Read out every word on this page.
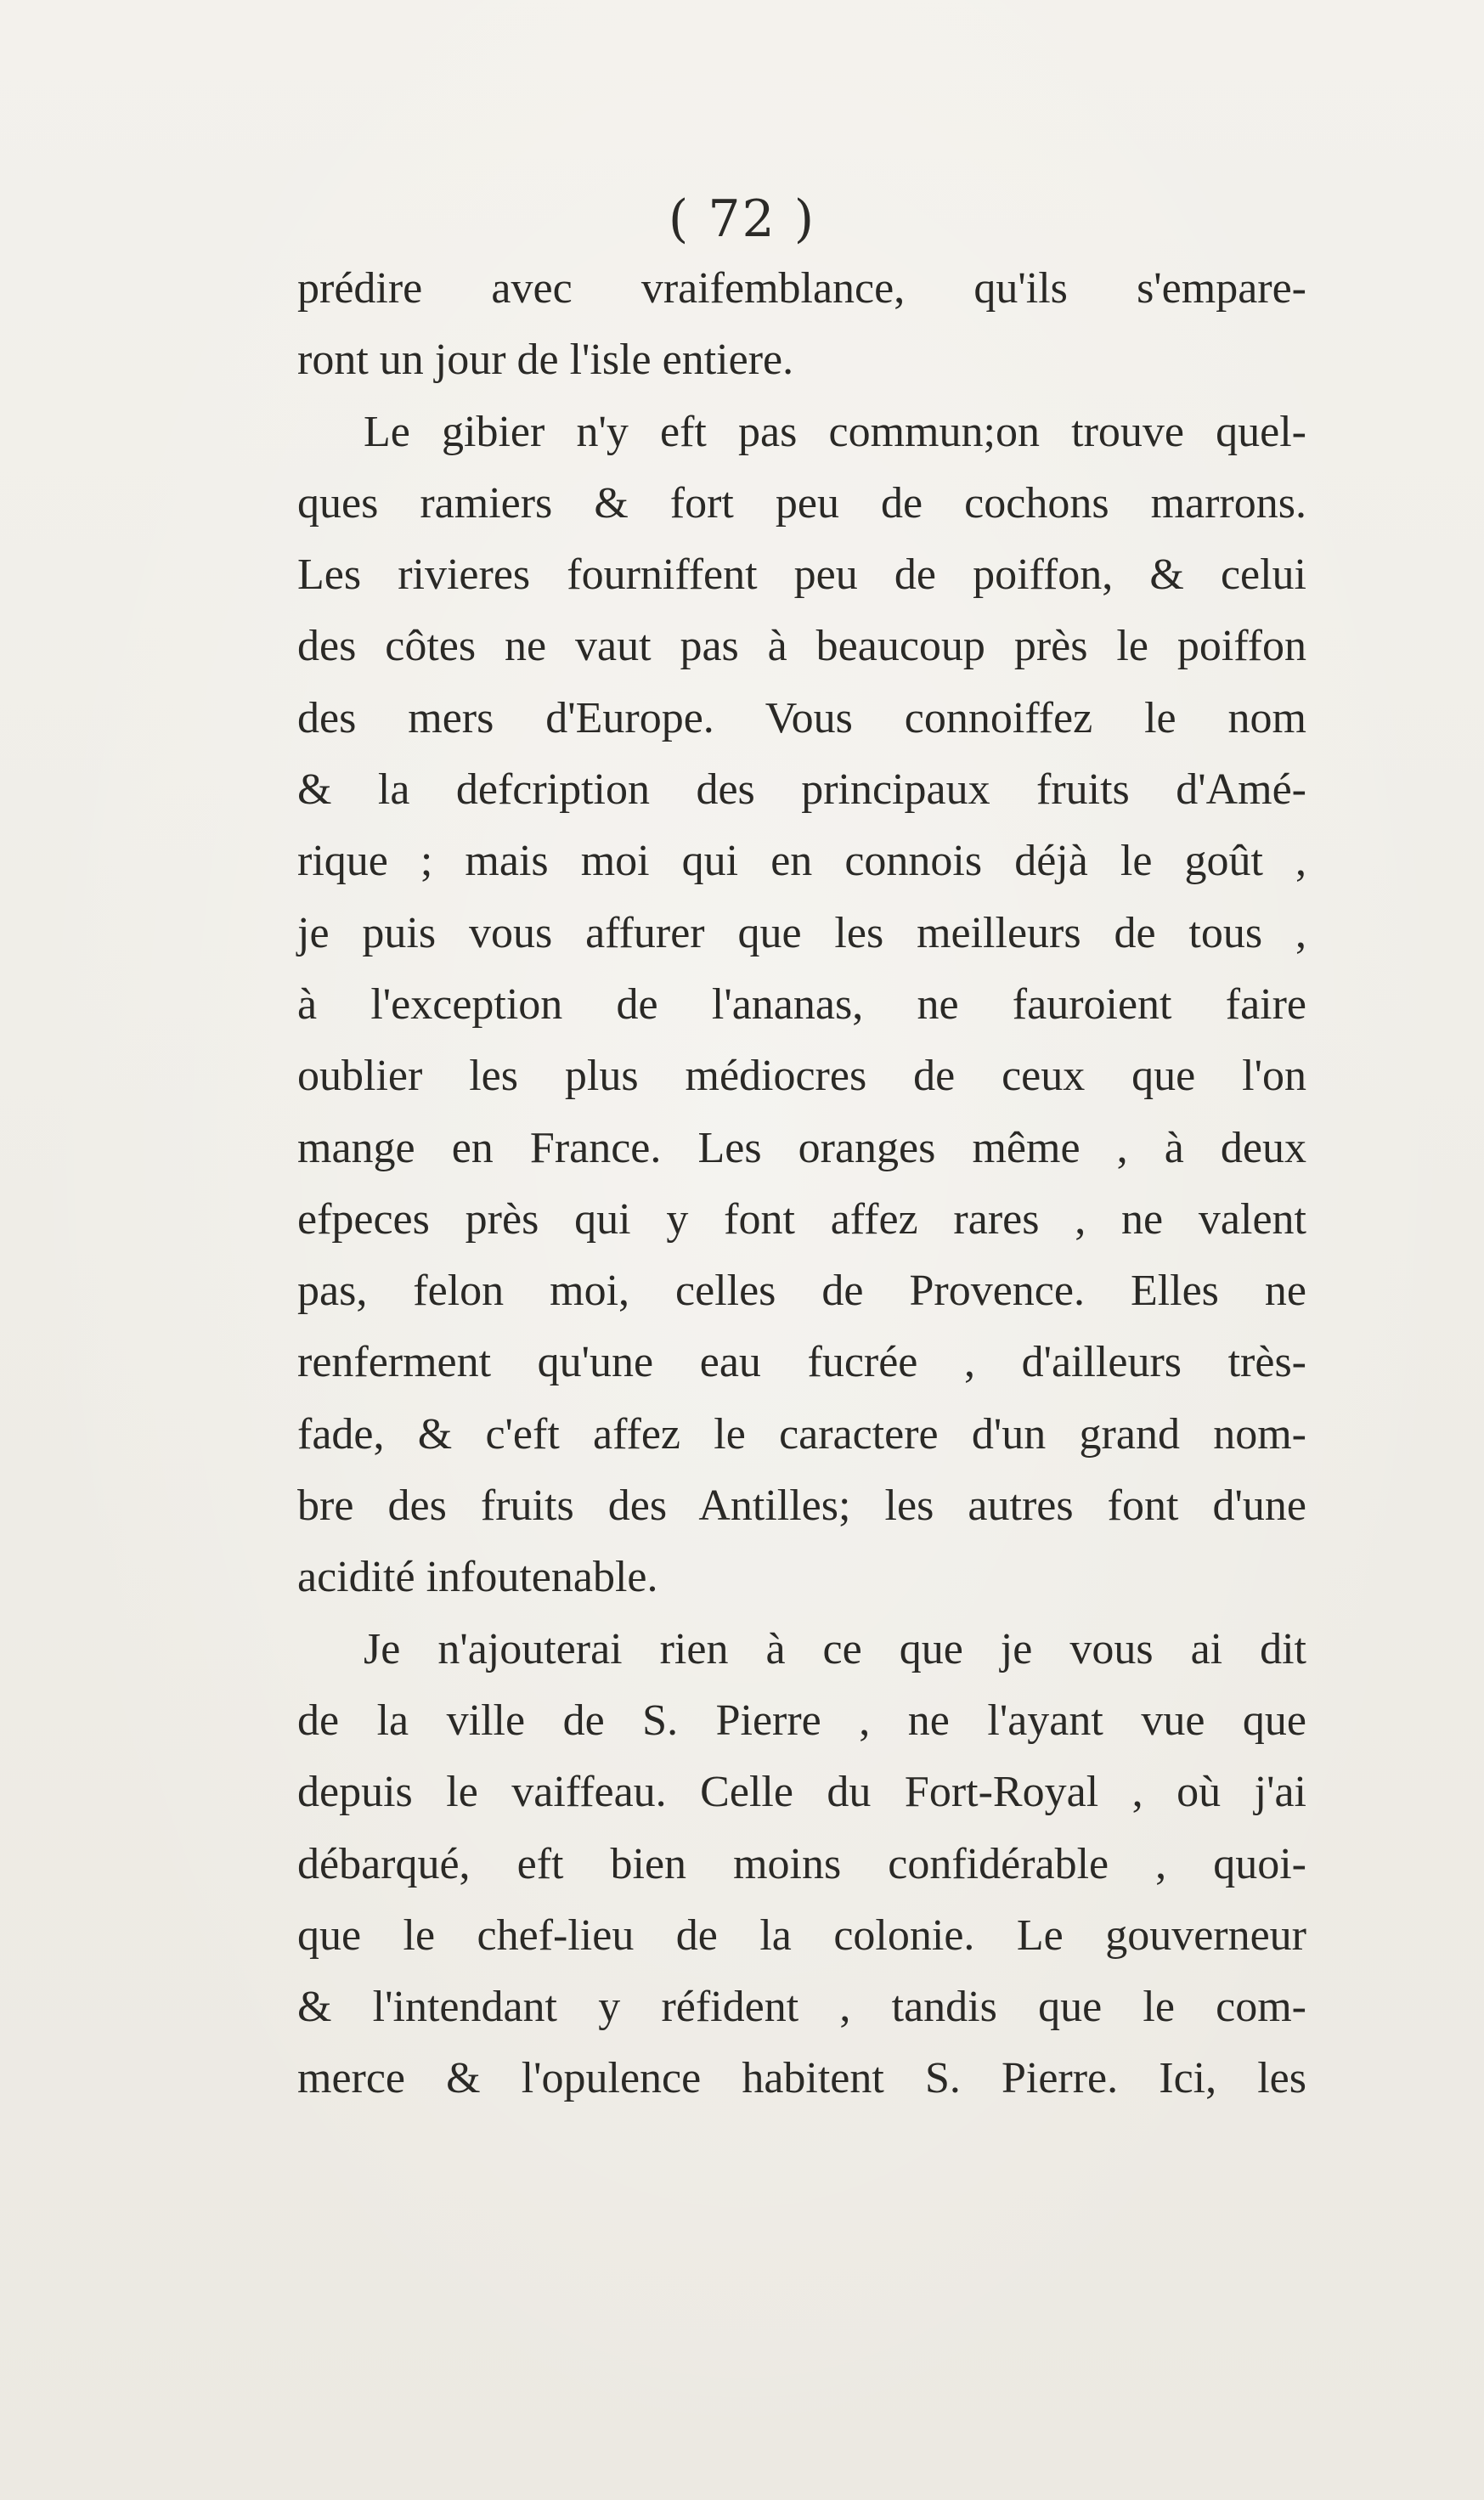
( 72 )
prédire avec vraifemblance, qu'ils s'empare-
ront un jour de l'isle entiere.
Le gibier n'y eft pas commun;on trouve quel-
ques ramiers & fort peu de cochons marrons.
Les rivieres fourniffent peu de poiffon, & celui
des côtes ne vaut pas à beaucoup près le poiffon
des mers d'Europe. Vous connoiffez le nom
& la defcription des principaux fruits d'Amé-
rique ; mais moi qui en connois déjà le goût ,
je puis vous affurer que les meilleurs de tous ,
à l'exception de l'ananas, ne fauroient faire
oublier les plus médiocres de ceux que l'on
mange en France. Les oranges même , à deux
efpeces près qui y font affez rares , ne valent
pas, felon moi, celles de Provence. Elles ne
renferment qu'une eau fucrée , d'ailleurs très-
fade, & c'eft affez le caractere d'un grand nom-
bre des fruits des Antilles; les autres font d'une
acidité infoutenable.
Je n'ajouterai rien à ce que je vous ai dit
de la ville de S. Pierre , ne l'ayant vue que
depuis le vaiffeau. Celle du Fort-Royal , où j'ai
débarqué, eft bien moins confidérable , quoi-
que le chef-lieu de la colonie. Le gouverneur
& l'intendant y réfident , tandis que le com-
merce & l'opulence habitent S. Pierre. Ici, les
